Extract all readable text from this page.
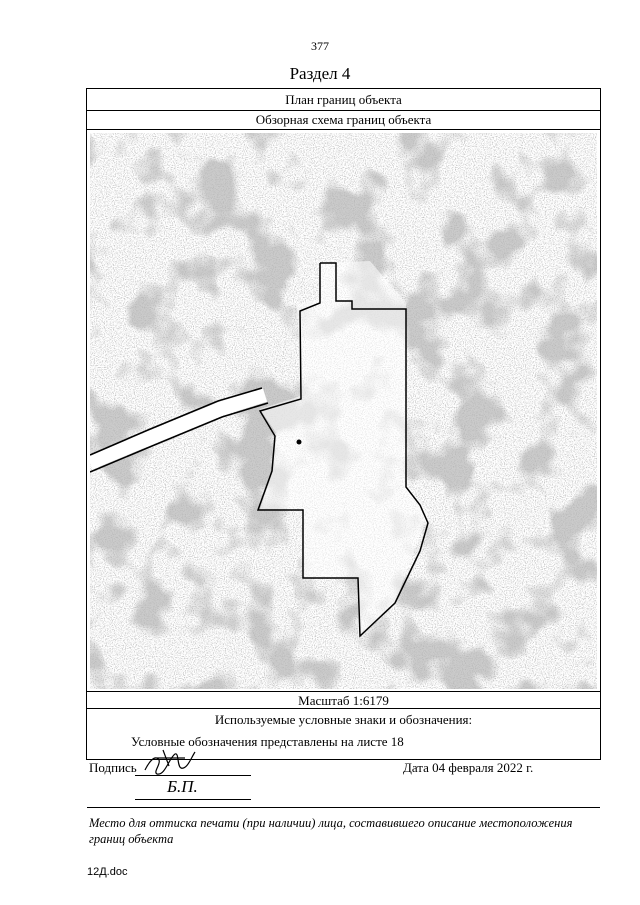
377
Раздел 4
План границ объекта
Обзорная схема границ объекта
Масштаб 1:6179
Используемые условные знаки и обозначения:
Условные обозначения представлены на листе 18
Подпись
Б.П.
Дата 04 февраля 2022 г.
Место для оттиска печати (при наличии) лица, составившего описание местоположения границ объекта
12Д.doc
